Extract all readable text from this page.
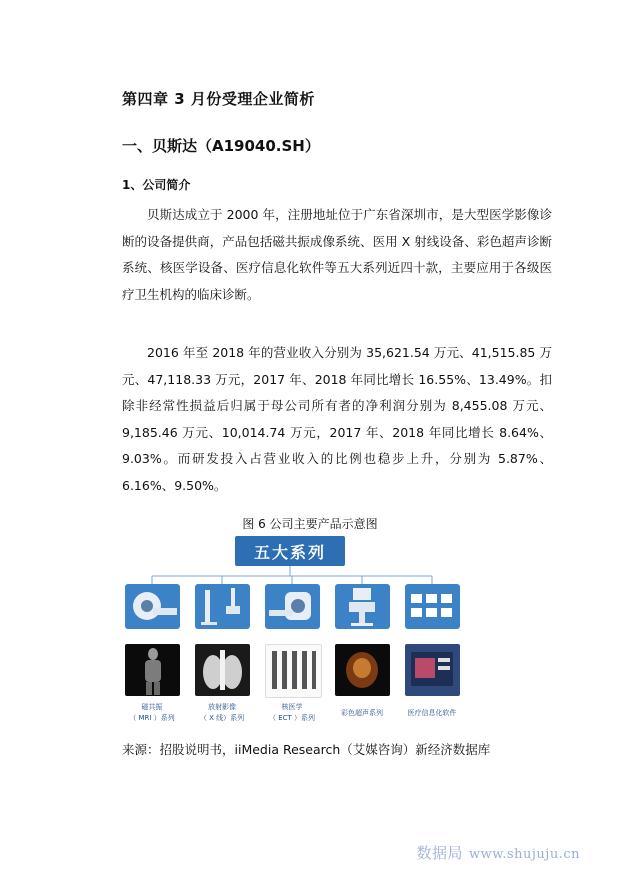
第四章 3 月份受理企业简析
一、贝斯达（A19040.SH）
1、公司简介

贝斯达成立于 2000 年，注册地址位于广东省深圳市，是大型医学影像诊断的设备提供商，产品包括磁共振成像系统、医用 X 射线设备、彩色超声诊断系统、核医学设备、医疗信息化软件等五大系列近四十款，主要应用于各级医疗卫生机构的临床诊断。

2016 年至 2018 年的营业收入分别为 35,621.54 万元、41,515.85 万元、47,118.33 万元，2017 年、2018 年同比增长 16.55%、13.49%。扣除非经常性损益后归属于母公司所有者的净利润分别为 8,455.08 万元、9,185.46 万元、10,014.74 万元，2017 年、2018 年同比增长 8.64%、9.03%。而研发投入占营业收入的比例也稳步上升，分别为 5.87%、6.16%、9.50%。

图 6 公司主要产品示意图
五大系列
磁共振
（ MRI ）系列
放射影像
（ X 线）系列
核医学
（ ECT ）系列
彩色超声系列	医疗信息化软件
来源：招股说明书，iiMedia Research（艾媒咨询）新经济数据库
数据局 www.shujuju.cn
